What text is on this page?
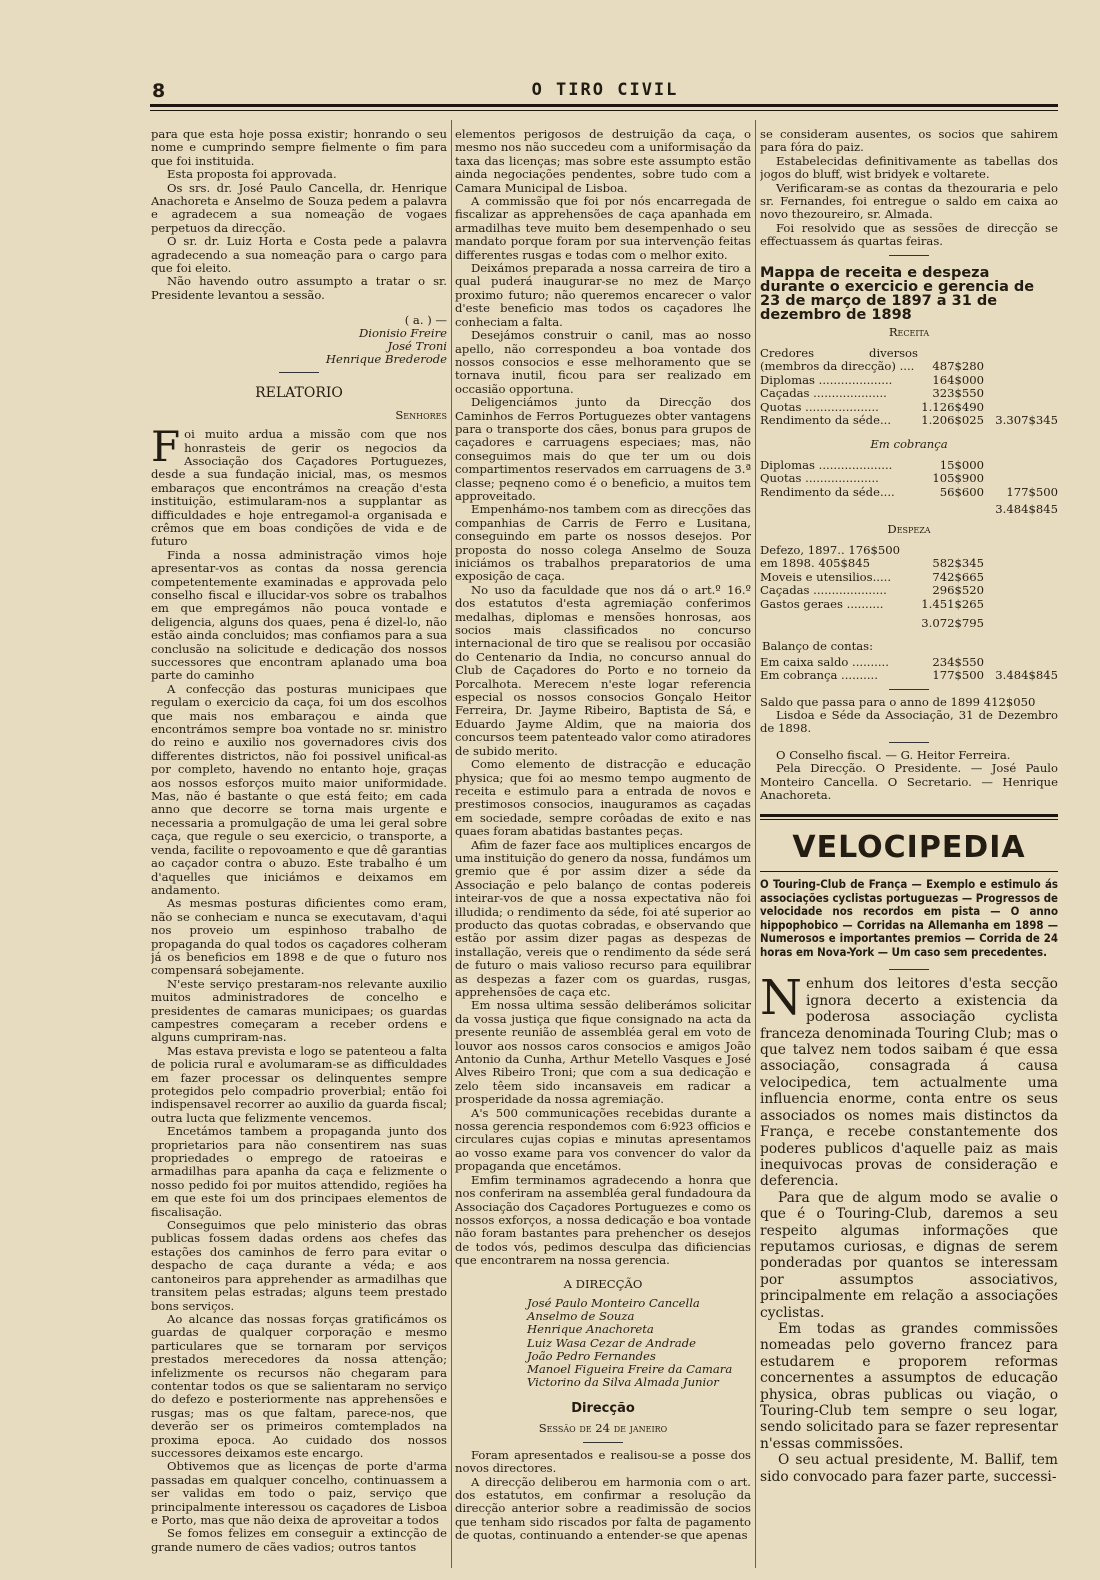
8	O TIRO CIVIL

para que esta hoje possa existir; honrando o seu nome e cumprindo sempre fielmente o fim para que foi instituida.

Esta proposta foi approvada.

Os srs. dr. José Paulo Cancella, dr. Henrique Anachoreta e Anselmo de Souza pedem a palavra e agradecem a sua nomeação de vogaes perpetuos da direcção.

O sr. dr. Luiz Horta e Costa pede a palavra agradecendo a sua nomeação para o cargo para que foi eleito.

Não havendo outro assumpto a tratar o sr. Presidente levantou a sessão.

( a. ) —
Dionisio Freire
José Troni
Henrique Brederode
RELATORIO
Senhores

Foi muito ardua a missão com que nos honrasteis de gerir os negocios da Associação dos Caçadores Portuguezes, desde a sua fundação inicial, mas, os mesmos embaraços que encontrámos na creação d'esta instituição, estimularam-nos a supplantar as difficuldades e hoje entregamol-a organisada e crêmos que em boas condições de vida e de futuro

Finda a nossa administração vimos hoje apresentar-vos as contas da nossa gerencia competentemente examinadas e approvada pelo conselho fiscal e illucidar-vos sobre os trabalhos em que empregámos não pouca vontade e deligencia, alguns dos quaes, pena é dizel-lo, não estão ainda concluidos; mas confiamos para a sua conclusão na solicitude e dedicação dos nossos successores que encontram aplanado uma boa parte do caminho

A confecção das posturas municipaes que regulam o exercicio da caça, foi um dos escolhos que mais nos embaraçou e ainda que encontrámos sempre boa vontade no sr. ministro do reino e auxilio nos governadores civis dos differentes districtos, não foi possivel unifical-as por completo, havendo no entanto hoje, graças aos nossos esforços muito maior uniformidade. Mas, não é bastante o que está feito; em cada anno que decorre se torna mais urgente e necessaria a promulgação de uma lei geral sobre caça, que regule o seu exercicio, o transporte, a venda, facilite o repovoamento e que dê garantias ao caçador contra o abuzo. Este trabalho é um d'aquelles que iniciámos e deixamos em andamento.

As mesmas posturas dificientes como eram, não se conheciam e nunca se executavam, d'aqui nos proveio um espinhoso trabalho de propaganda do qual todos os caçadores colheram já os beneficios em 1898 e de que o futuro nos compensará sobejamente.

N'este serviço prestaram-nos relevante auxilio muitos administradores de concelho e presidentes de camaras municipaes; os guardas campestres começaram a receber ordens e alguns cumpriram-nas.

Mas estava prevista e logo se patenteou a falta de policia rural e avolumaram-se as difficuldades em fazer processar os delinquentes sempre protegidos pelo compadrio proverbial; então foi indispensavel recorrer ao auxilio da guarda fiscal; outra lucta que felizmente vencemos.

Encetámos tambem a propaganda junto dos proprietarios para não consentirem nas suas propriedades o emprego de ratoeiras e armadilhas para apanha da caça e felizmente o nosso pedido foi por muitos attendido, regiões ha em que este foi um dos principaes elementos de fiscalisação.

Conseguimos que pelo ministerio das obras publicas fossem dadas ordens aos chefes das estações dos caminhos de ferro para evitar o despacho de caça durante a véda; e aos cantoneiros para apprehender as armadilhas que transitem pelas estradas; alguns teem prestado bons serviços.

Ao alcance das nossas forças gratificámos os guardas de qualquer corporação e mesmo particulares que se tornaram por serviços prestados merecedores da nossa attenção; infelizmente os recursos não chegaram para contentar todos os que se salientaram no serviço do defezo e posteriormente nas apprehensões e rusgas; mas os que faltam, parece-nos, que deverão ser os primeiros comtemplados na proxima epoca. Ao cuidado dos nossos successores deixamos este encargo.

Obtivemos que as licenças de porte d'arma passadas em qualquer concelho, continuassem a ser validas em todo o paiz, serviço que principalmente interessou os caçadores de Lisboa e Porto, mas que não deixa de aproveitar a todos

Se fomos felizes em conseguir a extincção de grande numero de cães vadios; outros tantos

elementos perigosos de destruição da caça, o mesmo nos não succedeu com a uniformisação da taxa das licenças; mas sobre este assumpto estão ainda negociações pendentes, sobre tudo com a Camara Municipal de Lisboa.

A commissão que foi por nós encarregada de fiscalizar as apprehensões de caça apanhada em armadilhas teve muito bem desempenhado o seu mandato porque foram por sua intervenção feitas differentes rusgas e todas com o melhor exito.

Deixámos preparada a nossa carreira de tiro a qual puderá inaugurar-se no mez de Março proximo futuro; não queremos encarecer o valor d'este beneficio mas todos os caçadores lhe conheciam a falta.

Desejámos construir o canil, mas ao nosso apello, não correspondeu a boa vontade dos nossos consocios e esse melhoramento que se tornava inutil, ficou para ser realizado em occasião opportuna.

Deligenciámos junto da Direcção dos Caminhos de Ferros Portuguezes obter vantagens para o transporte dos cães, bonus para grupos de caçadores e carruagens especiaes; mas, não conseguimos mais do que ter um ou dois compartimentos reservados em carruagens de 3.ª classe; peqneno como é o beneficio, a muitos tem approveitado.

Empenhámo-nos tambem com as direcções das companhias de Carris de Ferro e Lusitana, conseguindo em parte os nossos desejos. Por proposta do nosso colega Anselmo de Souza iniciámos os trabalhos preparatorios de uma exposição de caça.

No uso da faculdade que nos dá o art.º 16.º dos estatutos d'esta agremiação conferimos medalhas, diplomas e mensões honrosas, aos socios mais classificados no concurso internacional de tiro que se realisou por occasião do Centenario da India, no concurso annual do Club de Caçadores do Porto e no torneio da Porcalhota. Merecem n'este logar referencia especial os nossos consocios Gonçalo Heitor Ferreira, Dr. Jayme Ribeiro, Baptista de Sá, e Eduardo Jayme Aldim, que na maioria dos concursos teem patenteado valor como atiradores de subido merito.

Como elemento de distracção e educação physica; que foi ao mesmo tempo augmento de receita e estimulo para a entrada de novos e prestimosos consocios, inauguramos as caçadas em sociedade, sempre corôadas de exito e nas quaes foram abatidas bastantes peças.

Afim de fazer face aos multiplices encargos de uma instituição do genero da nossa, fundámos um gremio que é por assim dizer a séde da Associação e pelo balanço de contas poderеis inteirar-vos de que a nossa expectativa não foi illudida; o rendimento da séde, foi até superior ao producto das quotas cobradas, e observando que estão por assim dizer pagas as despezas de installação, vereis que o rendimento da séde será de futuro o mais valioso recurso para equilibrar as despezas a fazer com os guardas, rusgas, apprehensões de caça etc.

Em nossa ultima sessão deliberámos solicitar da vossa justiça que fique consignado na acta da presente reunião de assembléa geral em voto de louvor aos nossos caros consocios e amigos João Antonio da Cunha, Arthur Metello Vasques e José Alves Ribeiro Troni; que com a sua dedicação e zelo têem sido incansaveis em radicar a prosperidade da nossa agremiação.

A's 500 communicações recebidas durante a nossa gerencia respondemos com 6:923 officios e circulares cujas copias e minutas apresentamos ao vosso exame para vos convencer do valor da propaganda que encetámos.

Emfim terminamos agradecendo a honra que nos conferiram na assembléa geral fundadoura da Associação dos Caçadores Portuguezes e como os nossos exforços, a nossa dedicação e boa vontade não foram bastantes para prehencher os desejos de todos vós, pedimos desculpa das dificiencias que encontrarem na nossa gerencia.

A DIRECÇÃO
José Paulo Monteiro Cancella
Anselmo de Souza
Henrique Anachoreta
Luiz Wasa Cezar de Andrade
João Pedro Fernandes
Manoel Figueira Freire da Camara
Victorino da Silva Almada Junior
Direcção
Sessão de 24 de janeiro

Foram apresentados e realisou-se a posse dos novos directores.

A direcção deliberou em harmonia com o art. dos estatutos, em confirmar a resolução da direcção anterior sobre a readimissão de socios que tenham sido riscados por falta de pagamento de quotas, continuando a entender-se que apenas

se consideram ausentes, os socios que sahirem para fóra do paiz.

Estabelecidas definitivamente as tabellas dos jogos do bluff, wist bridyek e voltarete.

Verificaram-se as contas da thezouraria e pelo sr. Fernandes, foi entregue o saldo em caixa ao novo thezoureiro, sr. Almada.

Foi resolvido que as sessões de direcção se effectuassem ás quartas feiras.

Mappa de receita e despeza durante o exercicio e gerencia de 23 de março de 1897 a 31 de dezembro de 1898
Receita
Credores diversos (membros da direcção) ....	487$280	
Diplomas ....................	164$000	
Caçadas ....................	323$550	
Quotas ....................	1.126$490	
Rendimento da séde...	1.206$025	3.307$345
Em cobrança
Diplomas ....................	15$000	
Quotas ....................	105$900	
Rendimento da séde....	56$600	177$500
3.484$845
Despeza
Defezo, 1897.. 176$500		
em 1898. 405$845	582$345	
Moveis e utensilios.....	742$665	
Caçadas ....................	296$520	
Gastos geraes ..........	1.451$265	
3.072$795
Balanço de contas:
Em caixa saldo ..........	234$550	
Em cobrança ..........	177$500	3.484$845

Saldo que passa para o anno de 1899 412$050

Lisdoa e Séde da Associação, 31 de Dezembro de 1898.

O Conselho fiscal. — G. Heitor Ferreira.

Pela Direcção. O Presidente. — José Paulo Monteiro Cancella. O Secretario. — Henrique Anachoreta.

VELOCIPEDIA
O Touring-Club de França — Exemplo e estimulo ás associações cyclistas portuguezas — Progressos de velocidade nos recordos em pista — O anno hippophobico — Corridas na Allemanha em 1898 — Numerosos e importantes premios — Corrida de 24 horas em Nova-York — Um caso sem precedentes.

Nenhum dos leitores d'esta secção ignora decerto a existencia da poderosa associação cyclista franceza denominada Touring Club; mas o que talvez nem todos saibam é que essa associação, consagrada á causa velocipedica, tem actualmente uma influencia enorme, conta entre os seus associados os nomes mais distinctos da França, e recebe constantemente dos poderes publicos d'aquelle paiz as mais inequivocas provas de consideração e deferencia.

Para que de algum modo se avalie o que é o Touring-Club, daremos a seu respeito algumas informações que reputamos curiosas, e dignas de serem ponderadas por quantos se interessam por assumptos associativos, principalmente em relação a associações cyclistas.

Em todas as grandes commissões nomeadas pelo governo francez para estudarem e proporem reformas concernentes a assumptos de educação physica, obras publicas ou viação, o Touring-Club tem sempre o seu logar, sendo solicitado para se fazer representar n'essas commissões.

O seu actual presidente, M. Ballif, tem sido convocado para fazer parte, successi-
